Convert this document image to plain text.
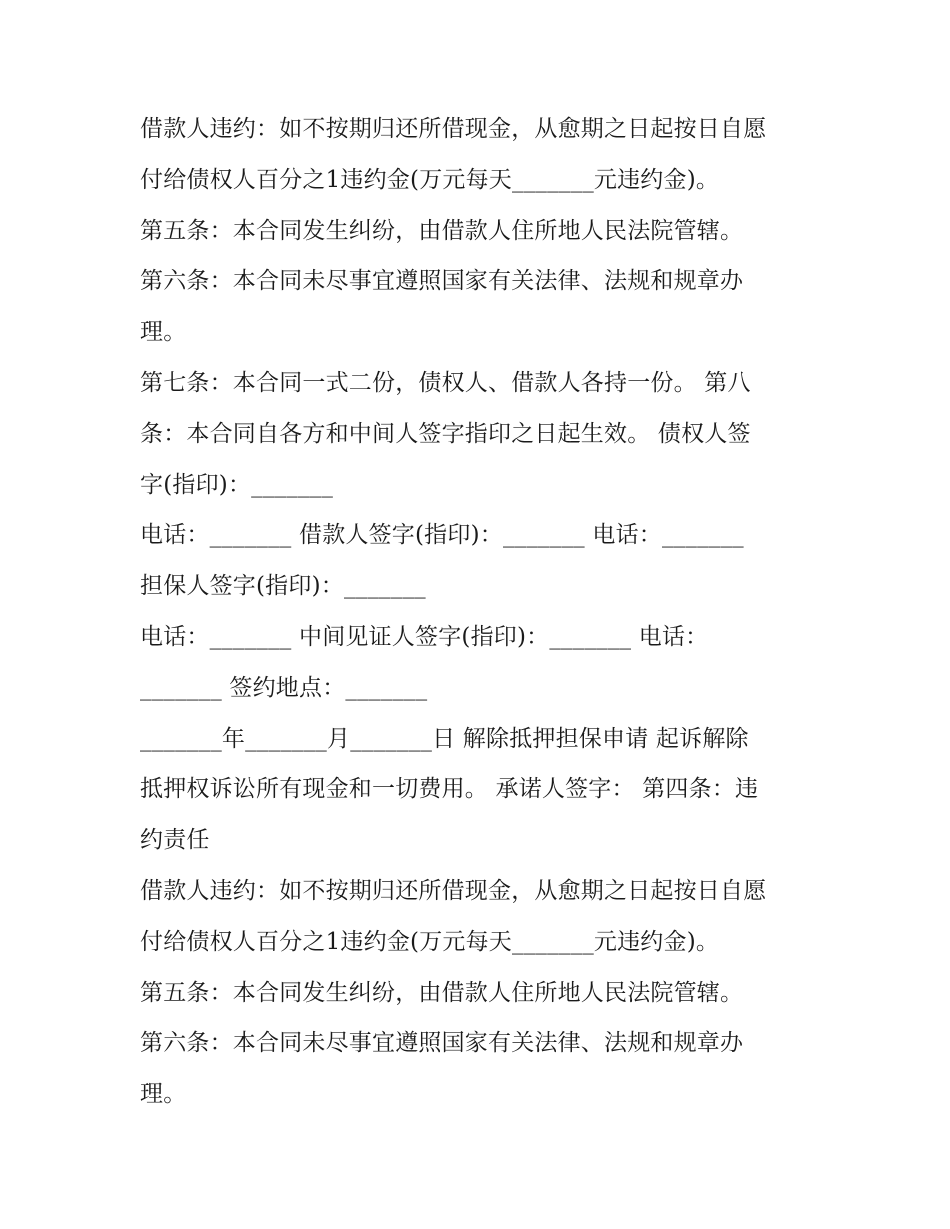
借款人违约：如不按期归还所借现金，从愈期之日起按日自愿
付给债权人百分之1违约金(万元每天_______元违约金)。
第五条：本合同发生纠纷，由借款人住所地人民法院管辖。
第六条：本合同未尽事宜遵照国家有关法律、法规和规章办
理。
第七条：本合同一式二份，债权人、借款人各持一份。 第八
条：本合同自各方和中间人签字指印之日起生效。 债权人签
字(指印)：_______
电话：_______ 借款人签字(指印)：_______ 电话：_______
担保人签字(指印)：_______
电话：_______ 中间见证人签字(指印)：_______ 电话：
_______ 签约地点：_______
_______年_______月_______日 解除抵押担保申请 起诉解除
抵押权诉讼所有现金和一切费用。 承诺人签字： 第四条：违
约责任
借款人违约：如不按期归还所借现金，从愈期之日起按日自愿
付给债权人百分之1违约金(万元每天_______元违约金)。
第五条：本合同发生纠纷，由借款人住所地人民法院管辖。
第六条：本合同未尽事宜遵照国家有关法律、法规和规章办
理。
